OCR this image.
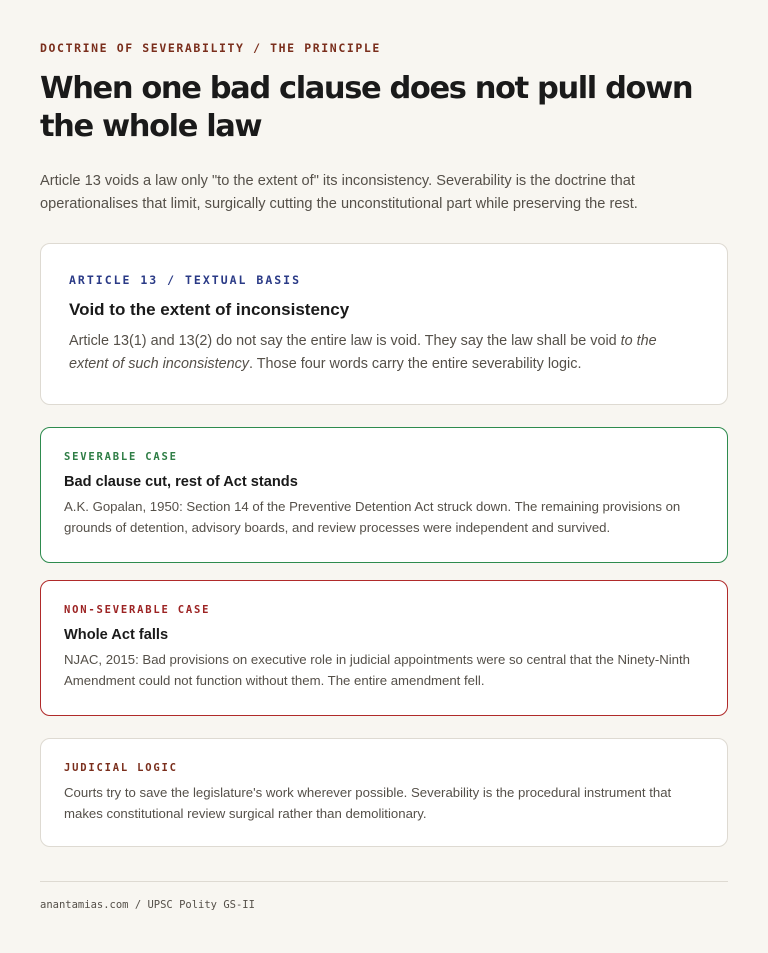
DOCTRINE OF SEVERABILITY / THE PRINCIPLE
When one bad clause does not pull down the whole law

Article 13 voids a law only "to the extent of" its inconsistency. Severability is the doctrine that operationalises that limit, surgically cutting the unconstitutional part while preserving the rest.

ARTICLE 13 / TEXTUAL BASIS
Void to the extent of inconsistency

Article 13(1) and 13(2) do not say the entire law is void. They say the law shall be void to the extent of such inconsistency. Those four words carry the entire severability logic.

SEVERABLE CASE
Bad clause cut, rest of Act stands

A.K. Gopalan, 1950: Section 14 of the Preventive Detention Act struck down. The remaining provisions on grounds of detention, advisory boards, and review processes were independent and survived.

NON-SEVERABLE CASE
Whole Act falls

NJAC, 2015: Bad provisions on executive role in judicial appointments were so central that the Ninety-Ninth Amendment could not function without them. The entire amendment fell.

JUDICIAL LOGIC

Courts try to save the legislature's work wherever possible. Severability is the procedural instrument that makes constitutional review surgical rather than demolitionary.

anantamias.com / UPSC Polity GS-II
